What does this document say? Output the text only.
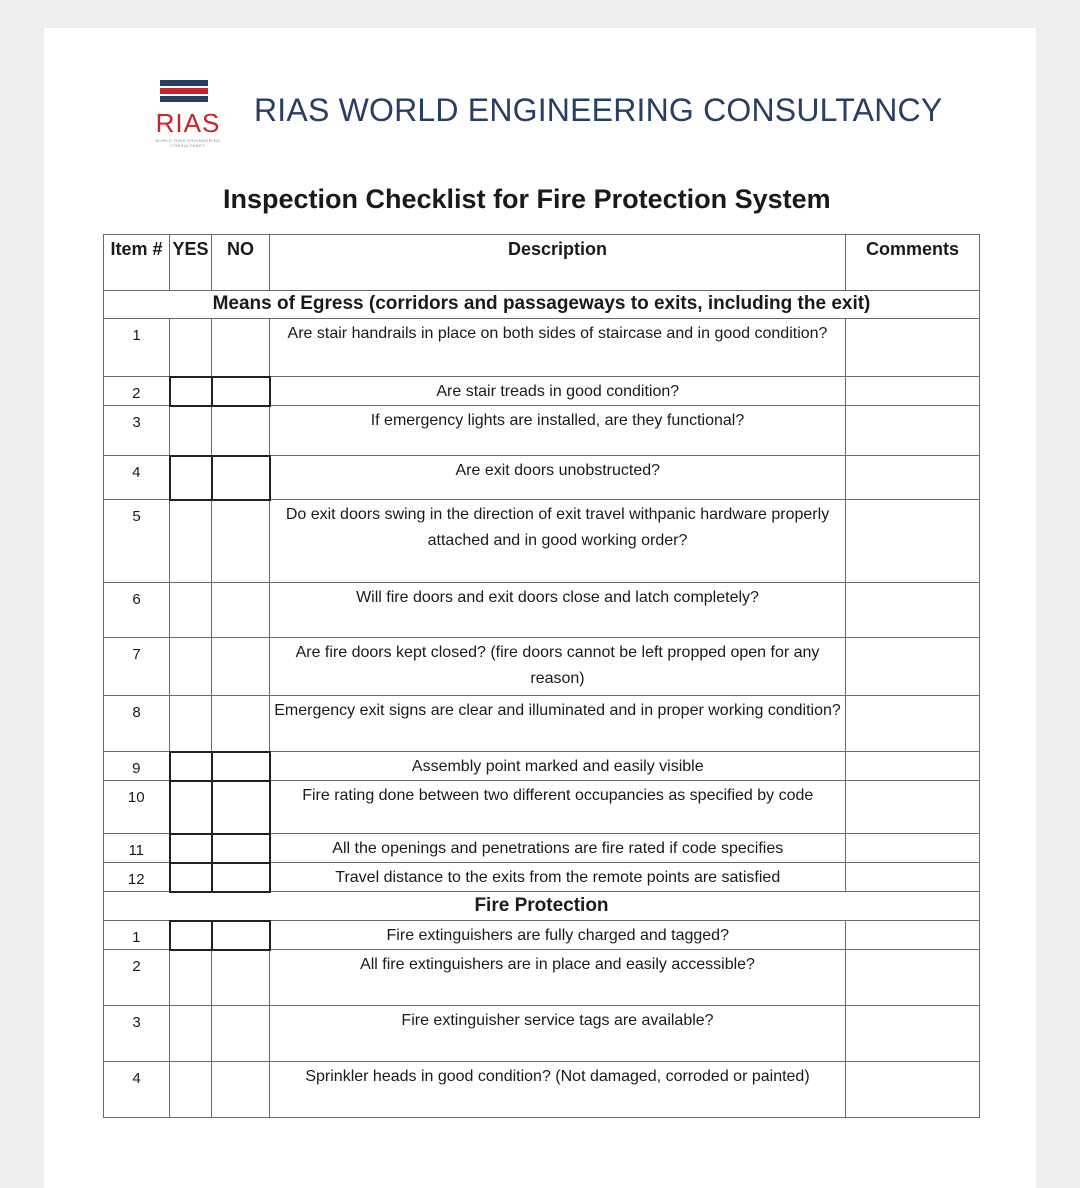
RIAS
WORLD RIAS ENGINEERING CONSULTANCY
RIAS WORLD ENGINEERING CONSULTANCY
Inspection Checklist for Fire Protection System
Item #	YES	NO	Description	Comments
Means of Egress (corridors and passageways to exits, including the exit)				
1			Are stair handrails in place on both sides of staircase and in good condition?	
2			Are stair treads in good condition?	
3			If emergency lights are installed, are they functional?	
4			Are exit doors unobstructed?	
5			Do exit doors swing in the direction of exit travel withpanic hardware properly attached and in good working order?	
6			Will fire doors and exit doors close and latch completely?	
7			Are fire doors kept closed? (fire doors cannot be left propped open for any reason)	
8			Emergency exit signs are clear and illuminated and in proper working condition?	
9			Assembly point marked and easily visible	
10			Fire rating done between two different occupancies as specified by code	
11			All the openings and penetrations are fire rated if code specifies	
12			Travel distance to the exits from the remote points are satisfied	
Fire Protection				
1			Fire extinguishers are fully charged and tagged?	
2			All fire extinguishers are in place and easily accessible?	
3			Fire extinguisher service tags are available?	
4			Sprinkler heads in good condition? (Not damaged, corroded or painted)	
